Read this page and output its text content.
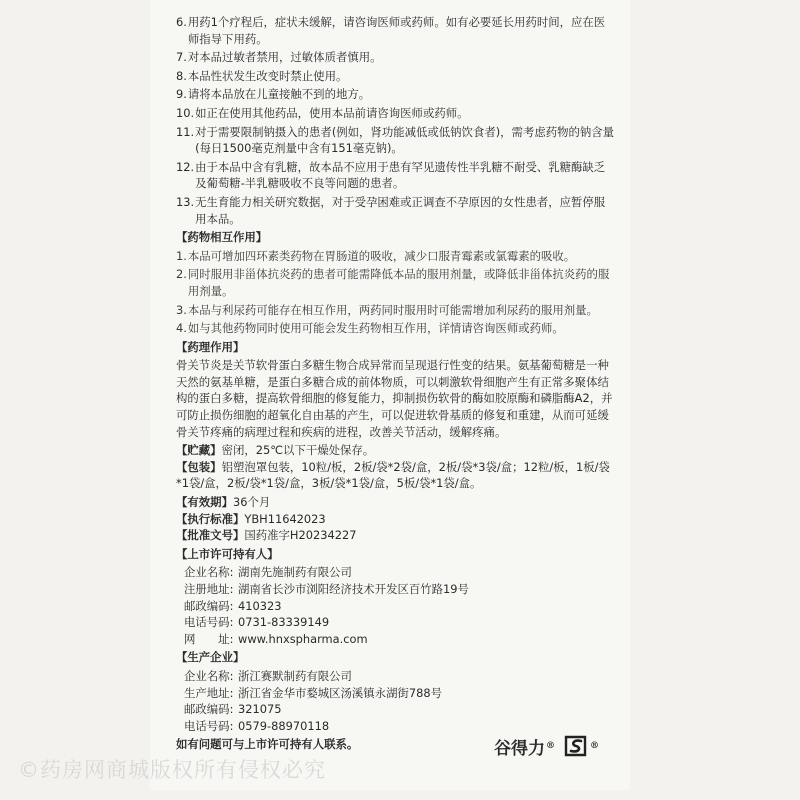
6. 用药1个疗程后，症状未缓解，请咨询医师或药师。如有必要延长用药时间，应在医师指导下用药。
7. 对本品过敏者禁用，过敏体质者慎用。
8. 本品性状发生改变时禁止使用。
9. 请将本品放在儿童接触不到的地方。
10. 如正在使用其他药品，使用本品前请咨询医师或药师。
11. 对于需要限制钠摄入的患者(例如，肾功能减低或低钠饮食者)，需考虑药物的钠含量(每日1500毫克剂量中含有151毫克钠)。
12. 由于本品中含有乳糖，故本品不应用于患有罕见遗传性半乳糖不耐受、乳糖酶缺乏及葡萄糖-半乳糖吸收不良等问题的患者。
13. 无生育能力相关研究数据，对于受孕困难或正调查不孕原因的女性患者，应暂停服用本品。
【药物相互作用】
1. 本品可增加四环素类药物在胃肠道的吸收，减少口服青霉素或氯霉素的吸收。
2. 同时服用非甾体抗炎药的患者可能需降低本品的服用剂量，或降低非甾体抗炎药的服用剂量。
3. 本品与利尿药可能存在相互作用，两药同时服用时可能需增加利尿药的服用剂量。
4. 如与其他药物同时使用可能会发生药物相互作用，详情请咨询医师或药师。
【药理作用】
骨关节炎是关节软骨蛋白多糖生物合成异常而呈现退行性变的结果。氨基葡萄糖是一种天然的氨基单糖，是蛋白多糖合成的前体物质，可以刺激软骨细胞产生有正常多聚体结构的蛋白多糖，提高软骨细胞的修复能力，抑制损伤软骨的酶如胶原酶和磷脂酶A2，并可防止损伤细胞的超氧化自由基的产生，可以促进软骨基质的修复和重建，从而可延缓骨关节疼痛的病理过程和疾病的进程，改善关节活动，缓解疼痛。
【贮藏】 密闭，25℃以下干燥处保存。
【包装】铝塑泡罩包装，10粒/板，2板/袋*2袋/盒，2板/袋*3袋/盒；12粒/板，1板/袋*1袋/盒，2板/袋*1袋/盒，3板/袋*1袋/盒，5板/袋*1袋/盒。
【有效期】 36个月
【执行标准】 YBH11642023
【批准文号】 国药准字H20234227
【上市许可持有人】
企业名称: 湖南先施制药有限公司
注册地址: 湖南省长沙市浏阳经济技术开发区百竹路19号
邮政编码: 410323
电话号码: 0731-83339149
网　　址: www.hnxspharma.com
【生产企业】
企业名称: 浙江赛默制药有限公司
生产地址: 浙江省金华市婺城区汤溪镇永湖街788号
邮政编码: 321075
电话号码: 0579-88970118
如有问题可与上市许可持有人联系。	谷得力 ®	®
©药房网商城版权所有侵权必究
